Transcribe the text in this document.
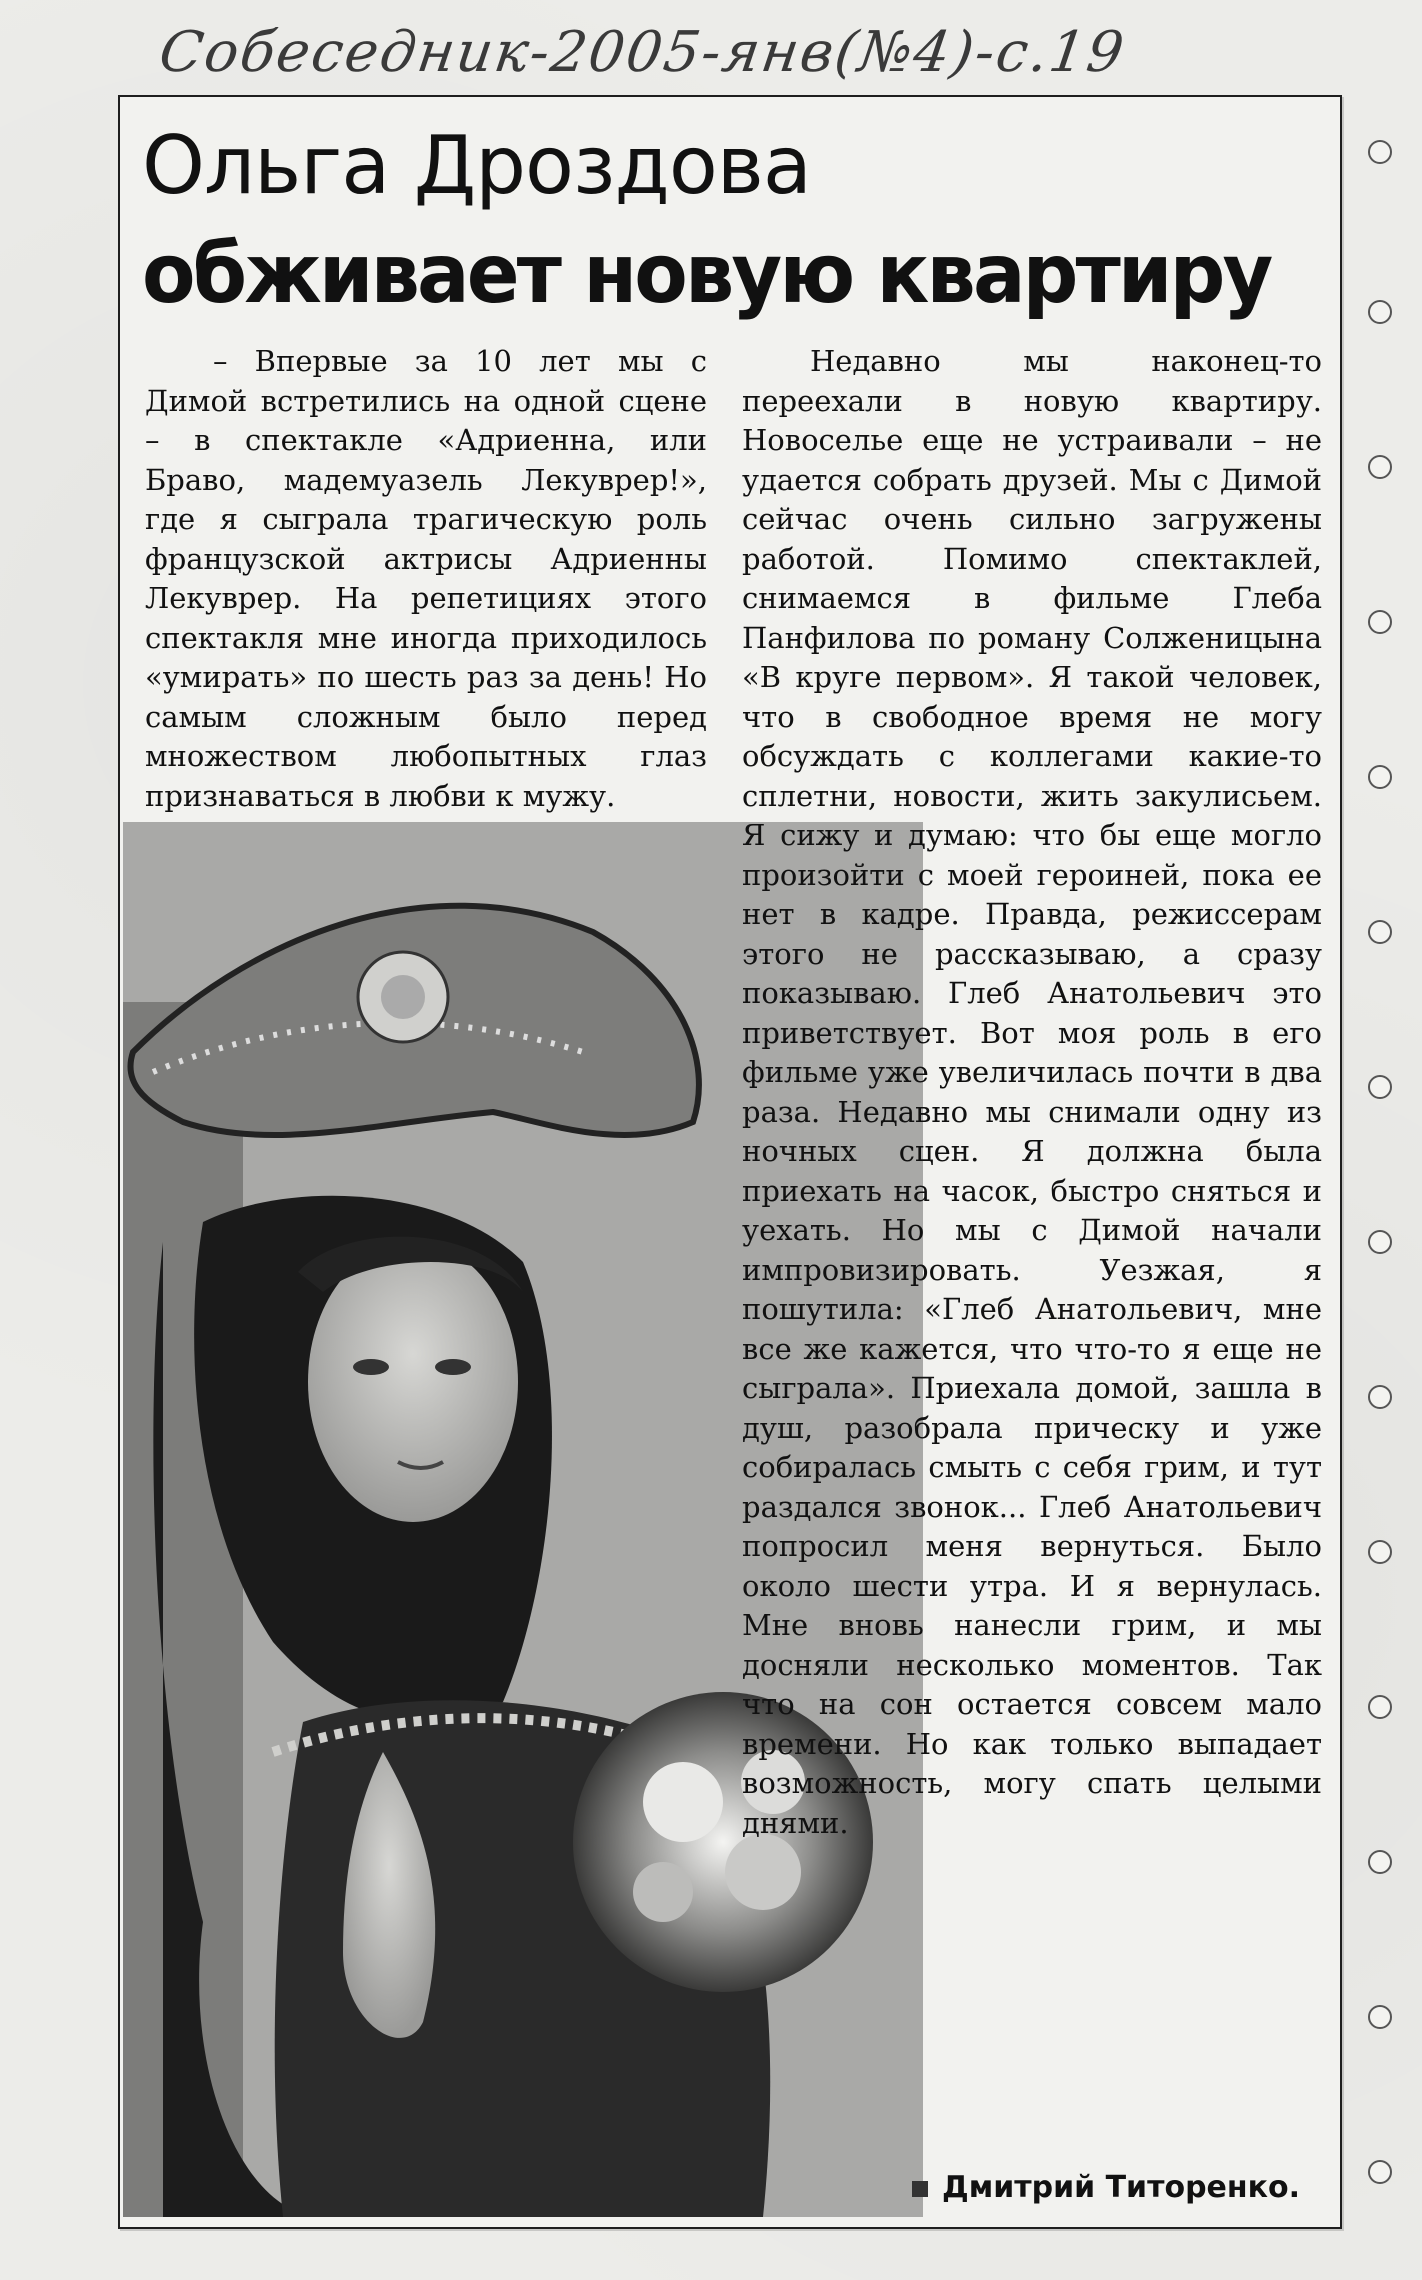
Собеседник-2005-янв(№4)-с.19
Ольга Дроздова
обживает новую квартиру

– Впервые за 10 лет мы с Димой встретились на одной сцене – в спектакле «Адриенна, или Браво, мадемуазель Лекуврер!», где я сыграла трагическую роль французской актрисы Адриенны Лекуврер. На репетициях этого спектакля мне иногда приходилось «умирать» по шесть раз за день! Но самым сложным было перед множеством любопытных глаз признаваться в любви к мужу.

Недавно мы наконец-то переехали в новую квартиру. Новоселье еще не устраивали – не удается собрать друзей. Мы с Димой сейчас очень сильно загружены работой. Помимо спектаклей, снимаемся в фильме Глеба Панфилова по роману Солженицына «В круге первом». Я такой человек, что в свободное время не могу обсуждать с коллегами какие-то сплетни, новости, жить закулисьем. Я сижу и думаю: что бы еще могло произойти с моей героиней, пока ее нет в кадре. Правда, режиссерам этого не рассказываю, а сразу показываю. Глеб Анатольевич это приветствует. Вот моя роль в его фильме уже увеличилась почти в два раза. Недавно мы снимали одну из ночных сцен. Я должна была приехать на часок, быстро сняться и уехать. Но мы с Димой начали импровизировать. Уезжая, я пошутила: «Глеб Анатольевич, мне все же кажется, что что-то я еще не сыграла». Приехала домой, зашла в душ, разобрала прическу и уже собиралась смыть с себя грим, и тут раздался звонок... Глеб Анатольевич попросил меня вернуться. Было около шести утра. И я вернулась. Мне вновь нанесли грим, и мы досняли несколько моментов. Так что на сон остается совсем мало времени. Но как только выпадает возможность, могу спать целыми днями.

Дмитрий Титоренко.
